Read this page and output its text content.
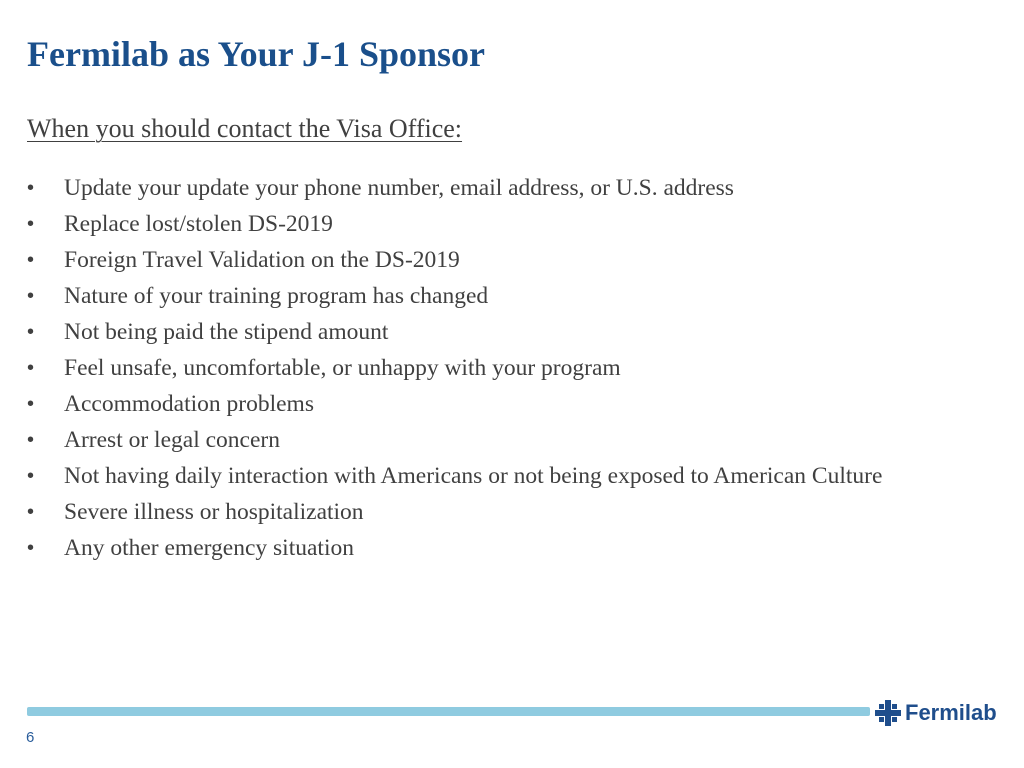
Fermilab as Your J-1 Sponsor

When you should contact the Visa Office:

• Update your update your phone number, email address, or U.S. address
• Replace lost/stolen DS-2019
• Foreign Travel Validation on the DS-2019
• Nature of your training program has changed
• Not being paid the stipend amount
• Feel unsafe, uncomfortable, or unhappy with your program
• Accommodation problems
• Arrest or legal concern
• Not having daily interaction with Americans or not being exposed to American Culture
• Severe illness or hospitalization
• Any other emergency situation
6
Fermilab
